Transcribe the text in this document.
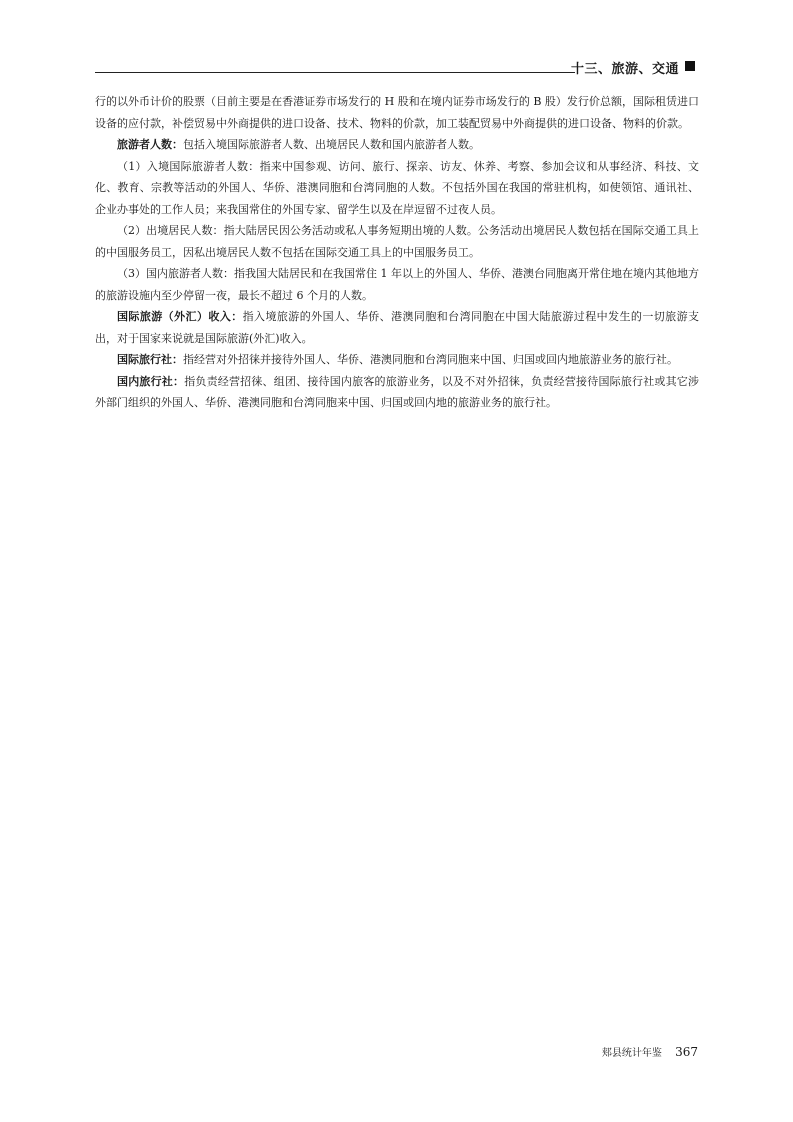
十三、旅游、交通

行的以外币计价的股票（目前主要是在香港证券市场发行的 H 股和在境内证券市场发行的 B 股）发行价总额，国际租赁进口设备的应付款，补偿贸易中外商提供的进口设备、技术、物料的价款，加工装配贸易中外商提供的进口设备、物料的价款。

旅游者人数：包括入境国际旅游者人数、出境居民人数和国内旅游者人数。

（1）入境国际旅游者人数：指来中国参观、访问、旅行、探亲、访友、休养、考察、参加会议和从事经济、科技、文化、教育、宗教等活动的外国人、华侨、港澳同胞和台湾同胞的人数。不包括外国在我国的常驻机构，如使领馆、通讯社、企业办事处的工作人员；来我国常住的外国专家、留学生以及在岸逗留不过夜人员。

（2）出境居民人数：指大陆居民因公务活动或私人事务短期出境的人数。公务活动出境居民人数包括在国际交通工具上的中国服务员工，因私出境居民人数不包括在国际交通工具上的中国服务员工。

（3）国内旅游者人数：指我国大陆居民和在我国常住 1 年以上的外国人、华侨、港澳台同胞离开常住地在境内其他地方的旅游设施内至少停留一夜，最长不超过 6 个月的人数。

国际旅游（外汇）收入：指入境旅游的外国人、华侨、港澳同胞和台湾同胞在中国大陆旅游过程中发生的一切旅游支出，对于国家来说就是国际旅游(外汇)收入。

国际旅行社：指经营对外招徕并接待外国人、华侨、港澳同胞和台湾同胞来中国、归国或回内地旅游业务的旅行社。

国内旅行社：指负责经营招徕、组团、接待国内旅客的旅游业务，以及不对外招徕，负责经营接待国际旅行社或其它涉外部门组织的外国人、华侨、港澳同胞和台湾同胞来中国、归国或回内地的旅游业务的旅行社。

郏县统计年鉴 367
